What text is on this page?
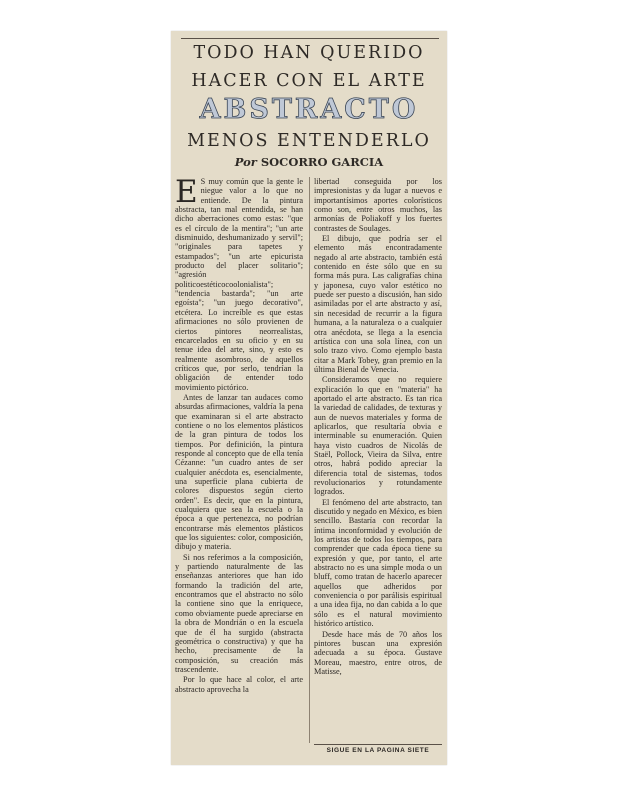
TODO HAN QUERIDO
HACER CON EL ARTE
ABSTRACTO
MENOS ENTENDERLO
Por SOCORRO GARCIA

E S muy común que la gente le niegue valor a lo que no entiende. De la pintura abstracta, tan mal entendida, se han dicho aberraciones como estas: "que es el círculo de la mentira"; "un arte disminuido, deshumanizado y servil"; "originales para tapetes y estampados"; "un arte epicurista producto del placer solitario"; "agresión politicoestéticocoolonialista"; "tendencia bastarda"; "un arte egoísta"; "un juego decorativo", etcétera. Lo increíble es que estas afirmaciones no sólo provienen de ciertos pintores neorrealistas, encarcelados en su oficio y en su tenue idea del arte, sino, y esto es realmente asombroso, de aquellos críticos que, por serlo, tendrían la obligación de entender todo movimiento pictórico.

Antes de lanzar tan audaces como absurdas afirmaciones, valdría la pena que examinaran si el arte abstracto contiene o no los elementos plásticos de la gran pintura de todos los tiempos. Por definición, la pintura responde al concepto que de ella tenía Cézanne: "un cuadro antes de ser cualquier anécdota es, esencialmente, una superficie plana cubierta de colores dispuestos según cierto orden". Es decir, que en la pintura, cualquiera que sea la escuela o la época a que pertenezca, no podrían encontrarse más elementos plásticos que los siguientes: color, composición, dibujo y materia.

Si nos referimos a la composición, y partiendo naturalmente de las enseñanzas anteriores que han ido formando la tradición del arte, encontramos que el abstracto no sólo la contiene sino que la enriquece, como obviamente puede apreciarse en la obra de Mondrián o en la escuela que de él ha surgido (abstracta geométrica o constructiva) y que ha hecho, precisamente de la composición, su creación más trascendente.

Por lo que hace al color, el arte abstracto aprovecha la

libertad conseguida por los impresionistas y da lugar a nuevos e importantísimos aportes colorísticos como son, entre otros muchos, las armonías de Poliakoff y los fuertes contrastes de Soulages.

El dibujo, que podría ser el elemento más encontradamente negado al arte abstracto, también está contenido en éste sólo que en su forma más pura. Las caligrafías china y japonesa, cuyo valor estético no puede ser puesto a discusión, han sido asimiladas por el arte abstracto y así, sin necesidad de recurrir a la figura humana, a la naturaleza o a cualquier otra anécdota, se llega a la esencia artística con una sola línea, con un solo trazo vivo. Como ejemplo basta citar a Mark Tobey, gran premio en la última Bienal de Venecia.

Consideramos que no requiere explicación lo que en "materia" ha aportado el arte abstracto. Es tan rica la variedad de calidades, de texturas y aun de nuevos materiales y forma de aplicarlos, que resultaría obvia e interminable su enumeración. Quien haya visto cuadros de Nicolás de Staël, Pollock, Vieira da Silva, entre otros, habrá podido apreciar la diferencia total de sistemas, todos revolucionarios y rotundamente logrados.

El fenómeno del arte abstracto, tan discutido y negado en México, es bien sencillo. Bastaría con recordar la íntima inconformidad y evolución de los artistas de todos los tiempos, para comprender que cada época tiene su expresión y que, por tanto, el arte abstracto no es una simple moda o un bluff, como tratan de hacerlo aparecer aquellos que adheridos por conveniencia o por parálisis espiritual a una idea fija, no dan cabida a lo que sólo es el natural movimiento histórico artístico.

Desde hace más de 70 años los pintores buscan una expresión adecuada a su época. Gustave Moreau, maestro, entre otros, de Matisse,

SIGUE EN LA PAGINA SIETE
